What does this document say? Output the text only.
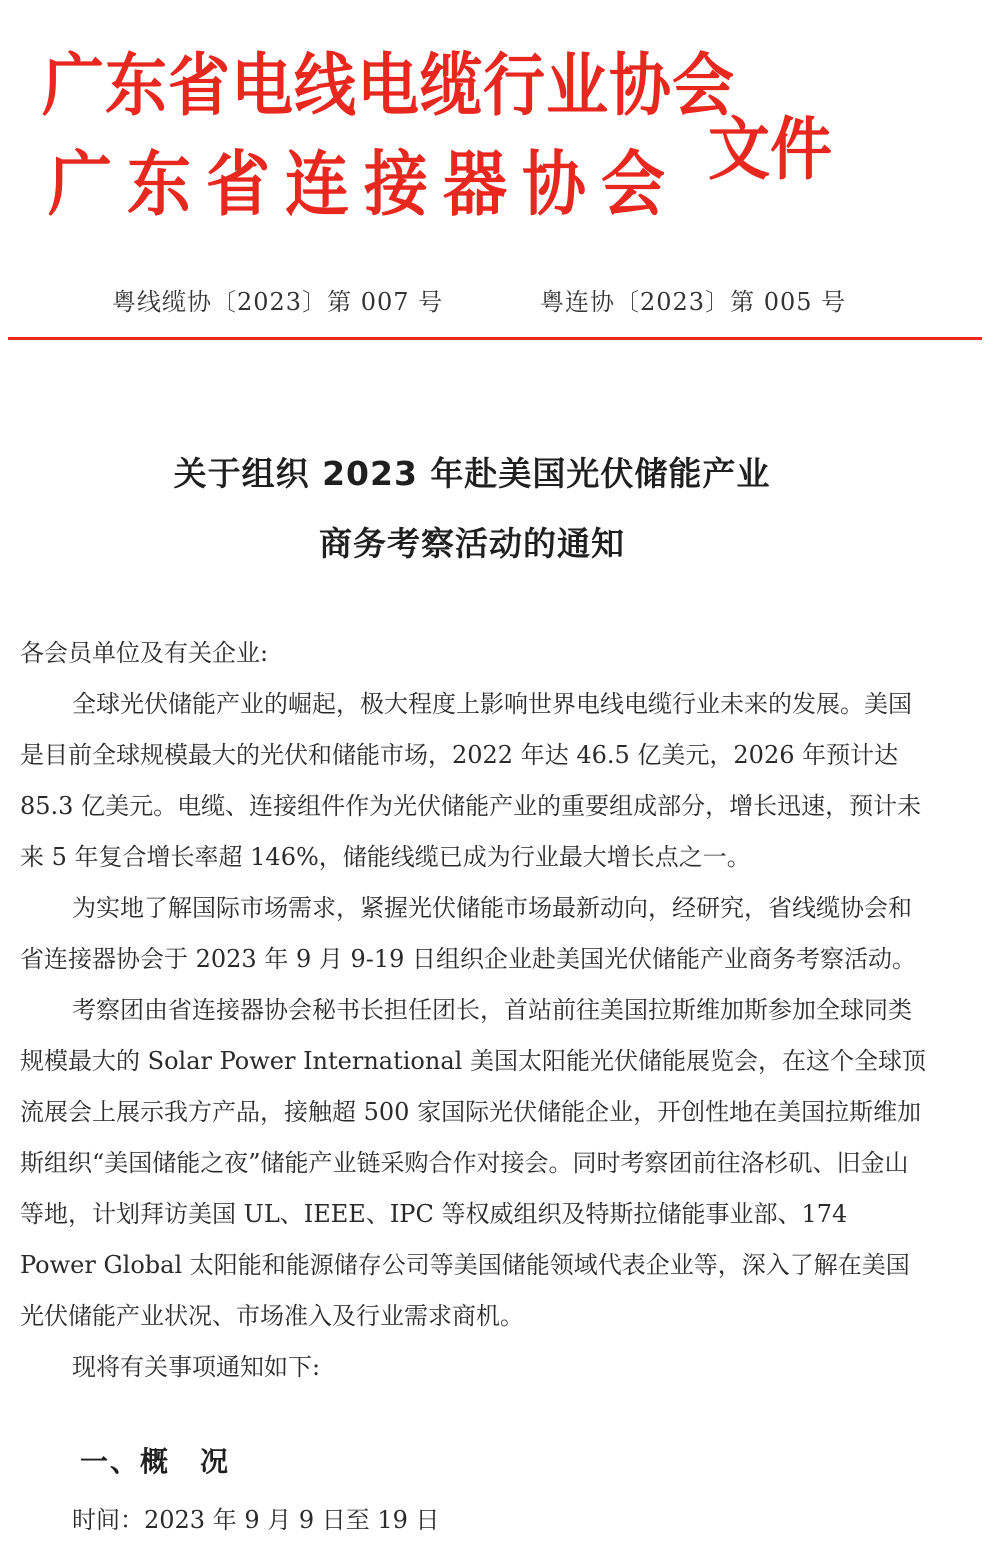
广东省电线电缆行业协会
广东省连接器协会 文件
粤线缆协〔2023〕第 007 号	粤连协〔2023〕第 005 号
关于组织 2023 年赴美国光伏储能产业
商务考察活动的通知

各会员单位及有关企业:

全球光伏储能产业的崛起，极大程度上影响世界电线电缆行业未来的发展。美国是目前全球规模最大的光伏和储能市场，2022 年达 46.5 亿美元，2026 年预计达 85.3 亿美元。电缆、连接组件作为光伏储能产业的重要组成部分，增长迅速，预计未来 5 年复合增长率超 146%，储能线缆已成为行业最大增长点之一。

为实地了解国际市场需求，紧握光伏储能市场最新动向，经研究，省线缆协会和省连接器协会于 2023 年 9 月 9-19 日组织企业赴美国光伏储能产业商务考察活动。

考察团由省连接器协会秘书长担任团长，首站前往美国拉斯维加斯参加全球同类规模最大的 Solar Power International 美国太阳能光伏储能展览会，在这个全球顶流展会上展示我方产品，接触超 500 家国际光伏储能企业，开创性地在美国拉斯维加斯组织“美国储能之夜”储能产业链采购合作对接会。同时考察团前往洛杉矶、旧金山等地，计划拜访美国 UL、IEEE、IPC 等权威组织及特斯拉储能事业部、174 Power Global 太阳能和能源储存公司等美国储能领域代表企业等，深入了解在美国光伏储能产业状况、市场准入及行业需求商机。

现将有关事项通知如下:

一、概　况
时间：2023 年 9 月 9 日至 19 日
